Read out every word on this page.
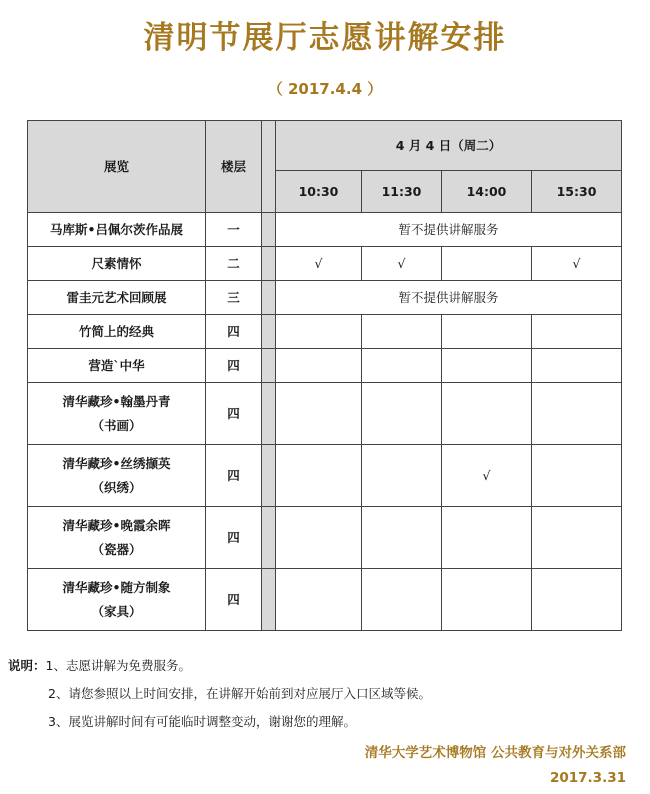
清明节展厅志愿讲解安排
（ 2017.4.4 ）
展览	楼层		4 月 4 日（周二）			
			10:30	11:30	14:00	15:30
马库斯•吕佩尔茨作品展	一		暂不提供讲解服务			
尺素情怀	二		√	√		√
雷圭元艺术回顾展	三		暂不提供讲解服务			
竹简上的经典	四					
营造`中华	四					

清华藏珍•翰墨丹青
（书画）	四					

清华藏珍•丝绣撷英
（织绣）	四				√	

清华藏珍•晚霞余晖
（瓷器）	四					

清华藏珍•随方制象
（家具）	四					
说明：1、志愿讲解为免费服务。
2、请您参照以上时间安排，在讲解开始前到对应展厅入口区域等候。
3、展览讲解时间有可能临时调整变动，谢谢您的理解。
清华大学艺术博物馆 公共教育与对外关系部
2017.3.31
